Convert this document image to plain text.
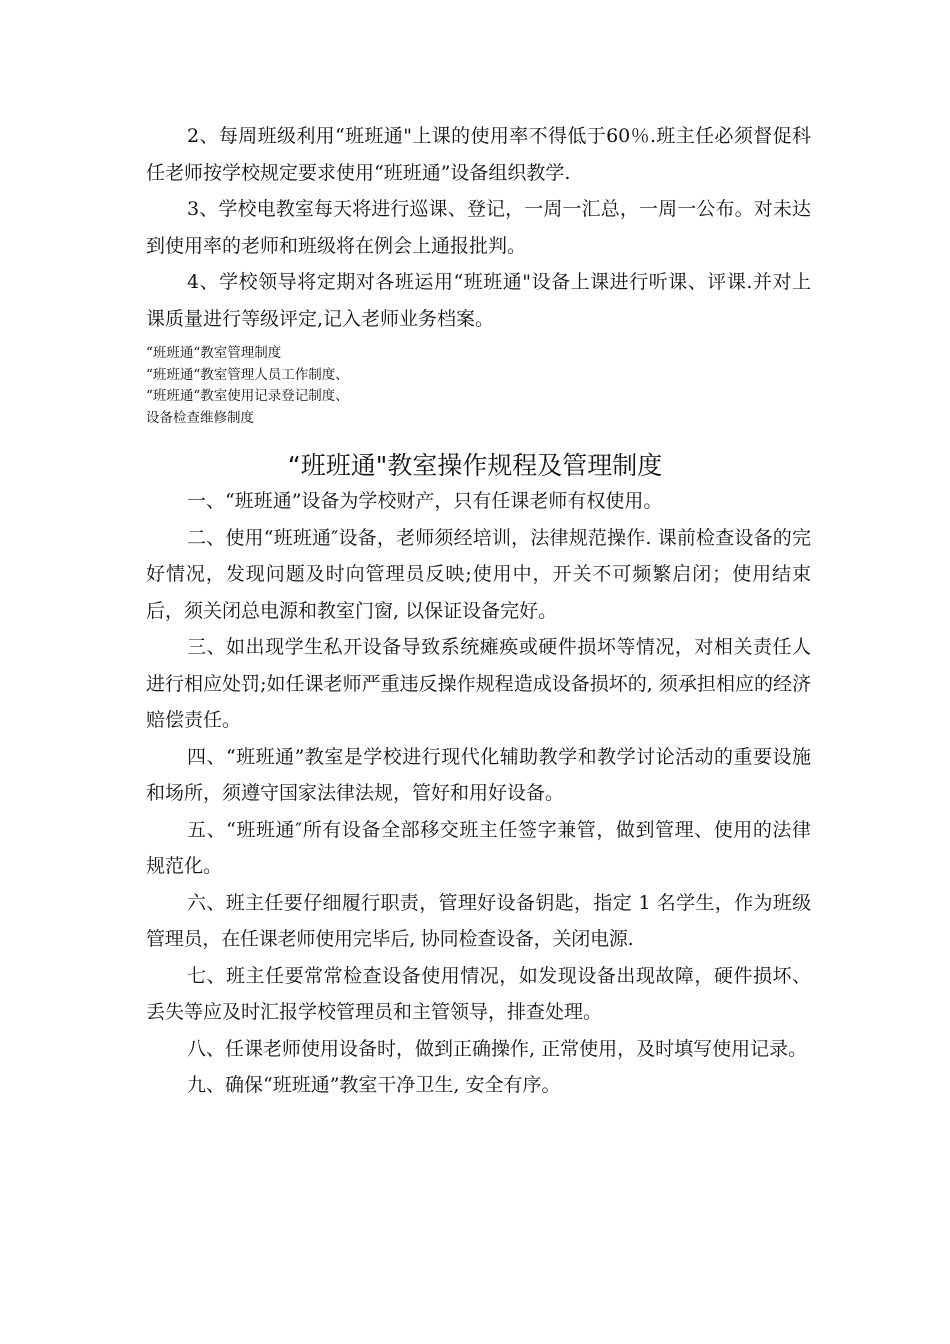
2、每周班级利用“班班通"上课的使用率不得低于60％.班主任必须督促科任老师按学校规定要求使用“班班通”设备组织教学.

3、学校电教室每天将进行巡课、登记，一周一汇总，一周一公布。对未达到使用率的老师和班级将在例会上通报批判。

4、学校领导将定期对各班运用“班班通"设备上课进行听课、评课.并对上课质量进行等级评定,记入老师业务档案。

“班班通“教室管理制度
“班班通“教室管理人员工作制度、
“班班通“教室使用记录登记制度、
设备检查维修制度
“班班通"教室操作规程及管理制度

一、“班班通”设备为学校财产，只有任课老师有权使用。

二、使用“班班通″设备，老师须经培训，法律规范操作. 课前检查设备的完好情况，发现问题及时向管理员反映;使用中，开关不可频繁启闭；使用结束后，须关闭总电源和教室门窗, 以保证设备完好。

三、如出现学生私开设备导致系统瘫痪或硬件损坏等情况，对相关责任人进行相应处罚;如任课老师严重违反操作规程造成设备损坏的, 须承担相应的经济赔偿责任。

四、“班班通”教室是学校进行现代化辅助教学和教学讨论活动的重要设施和场所，须遵守国家法律法规，管好和用好设备。

五、“班班通″所有设备全部移交班主任签字兼管，做到管理、使用的法律规范化。

六、班主任要仔细履行职责，管理好设备钥匙，指定 1 名学生，作为班级管理员，在任课老师使用完毕后, 协同检查设备，关闭电源.

七、班主任要常常检查设备使用情况，如发现设备出现故障，硬件损坏、丢失等应及时汇报学校管理员和主管领导，排查处理。

八、任课老师使用设备时，做到正确操作, 正常使用，及时填写使用记录。

九、确保“班班通”教室干净卫生, 安全有序。
